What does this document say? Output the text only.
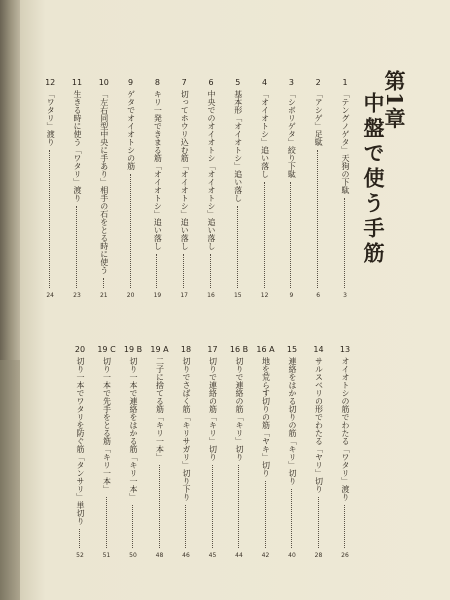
第1章
中盤で使う手筋
1
「テングノゲタ」天狗の下駄
3
2
「アシゲ」足駄
6
3
「シボリゲタ」絞り下駄
9
4
「オイオトシ」追い落し
12
5
基本形「オイオトシ」追い落し
15
6
中央でのオイオトシ「オイオトシ」追い落し
16
7
切ってホウリ込む筋「オイオトシ」追い落し
17
8
キリ一発できまる筋「オイオトシ」追い落し
19
9
ゲタでオイオトシの筋
20
10
「左右同型中央に手あり」相手の石をとる時に使う
21
11
生きる時に使う「ワタリ」渡り
23
12
「ワタリ」渡り
24
13
オイオトシの筋でわたる「ワタリ」渡り
26
14
サルスベリの形でわたる「ヤリ」切り
28
15
連絡をはかる切りの筋「キリ」切り
40
16 A
地を荒らす切りの筋「ヤキ」切り
42
16 B
切りで連絡の筋「キリ」切り
44
17
切りで連絡の筋「キリ」切り
45
18
切りでさばく筋「キリサガリ」切り下り
46
19 A
二子に捨てる筋「キリ一本」
48
19 B
切り一本で連絡をはかる筋「キリ一本」
50
19 C
切り一本で先手をとる筋「キリ一本」
51
20
切り一本でワタリを防ぐ筋「タンサリ」単切り
52
